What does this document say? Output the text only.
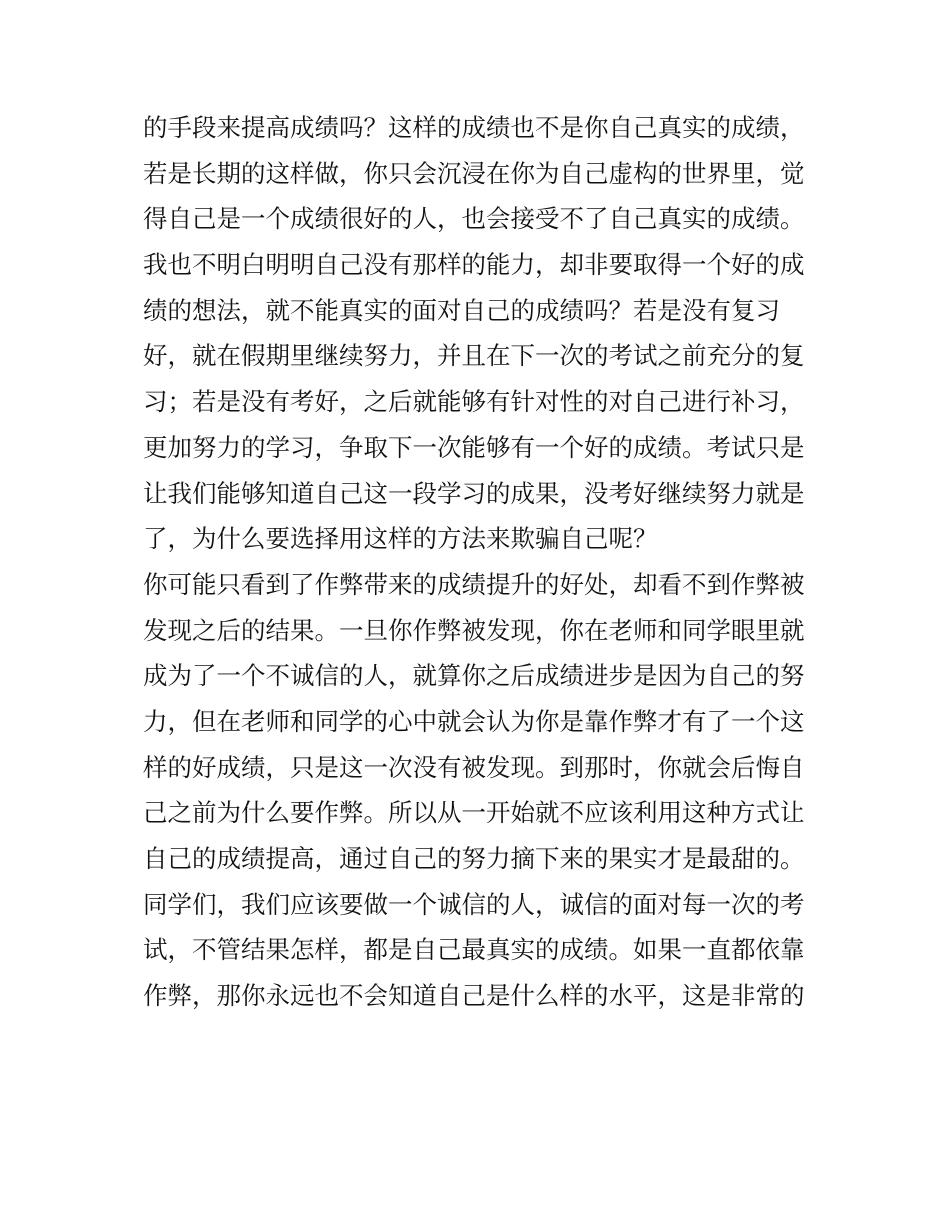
的手段来提高成绩吗？这样的成绩也不是你自己真实的成绩，

若是长期的这样做，你只会沉浸在你为自己虚构的世界里，觉

得自己是一个成绩很好的人，也会接受不了自己真实的成绩。

我也不明白明明自己没有那样的能力，却非要取得一个好的成

绩的想法，就不能真实的面对自己的成绩吗？若是没有复习

好，就在假期里继续努力，并且在下一次的考试之前充分的复

习；若是没有考好，之后就能够有针对性的对自己进行补习，

更加努力的学习，争取下一次能够有一个好的成绩。考试只是

让我们能够知道自己这一段学习的成果，没考好继续努力就是

了，为什么要选择用这样的方法来欺骗自己呢？

你可能只看到了作弊带来的成绩提升的好处，却看不到作弊被

发现之后的结果。一旦你作弊被发现，你在老师和同学眼里就

成为了一个不诚信的人，就算你之后成绩进步是因为自己的努

力，但在老师和同学的心中就会认为你是靠作弊才有了一个这

样的好成绩，只是这一次没有被发现。到那时，你就会后悔自

己之前为什么要作弊。所以从一开始就不应该利用这种方式让

自己的成绩提高，通过自己的努力摘下来的果实才是最甜的。

同学们，我们应该要做一个诚信的人，诚信的面对每一次的考

试，不管结果怎样，都是自己最真实的成绩。如果一直都依靠

作弊，那你永远也不会知道自己是什么样的水平，这是非常的
